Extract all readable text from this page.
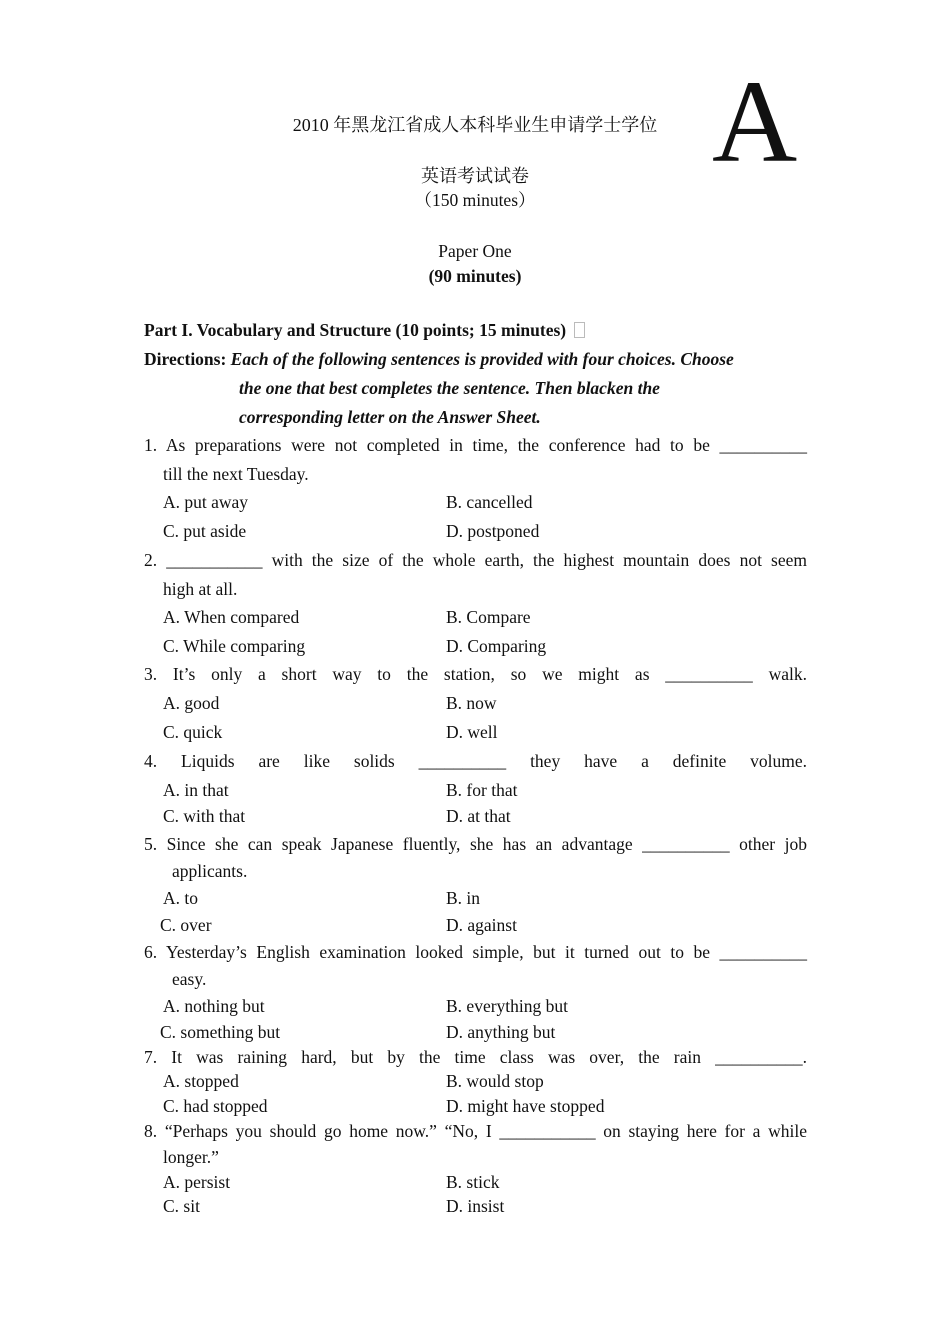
A
2010 年黑龙江省成人本科毕业生申请学士学位
英语考试试卷
（150 minutes）
Paper One
(90 minutes)
Part I. Vocabulary and Structure (10 points; 15 minutes)
Directions: Each of the following sentences is provided with four choices. Choose
the one that best completes the sentence. Then blacken the
corresponding letter on the Answer Sheet.
1. As preparations were not completed in time, the conference had to be __________
till the next Tuesday.
A. put away	B. cancelled
C. put aside	D. postponed
2. ___________ with the size of the whole earth, the highest mountain does not seem
high at all.
A. When compared	B. Compare
C. While comparing	D. Comparing
3. It’s only a short way to the station, so we might as __________ walk.
A. good	B. now
C. quick	D. well
4. Liquids are like solids __________ they have a definite volume.
A. in that	B. for that
C. with that	D. at that
5. Since she can speak Japanese fluently, she has an advantage __________ other job
applicants.
A. to	B. in
C. over	D. against
6. Yesterday’s English examination looked simple, but it turned out to be __________
easy.
A. nothing but	B. everything but
C. something but	D. anything but
7. It was raining hard, but by the time class was over, the rain __________.
A. stopped	B. would stop
C. had stopped	D. might have stopped
8. “Perhaps you should go home now.” “No, I ___________ on staying here for a while
longer.”
A. persist	B. stick
C. sit	D. insist
